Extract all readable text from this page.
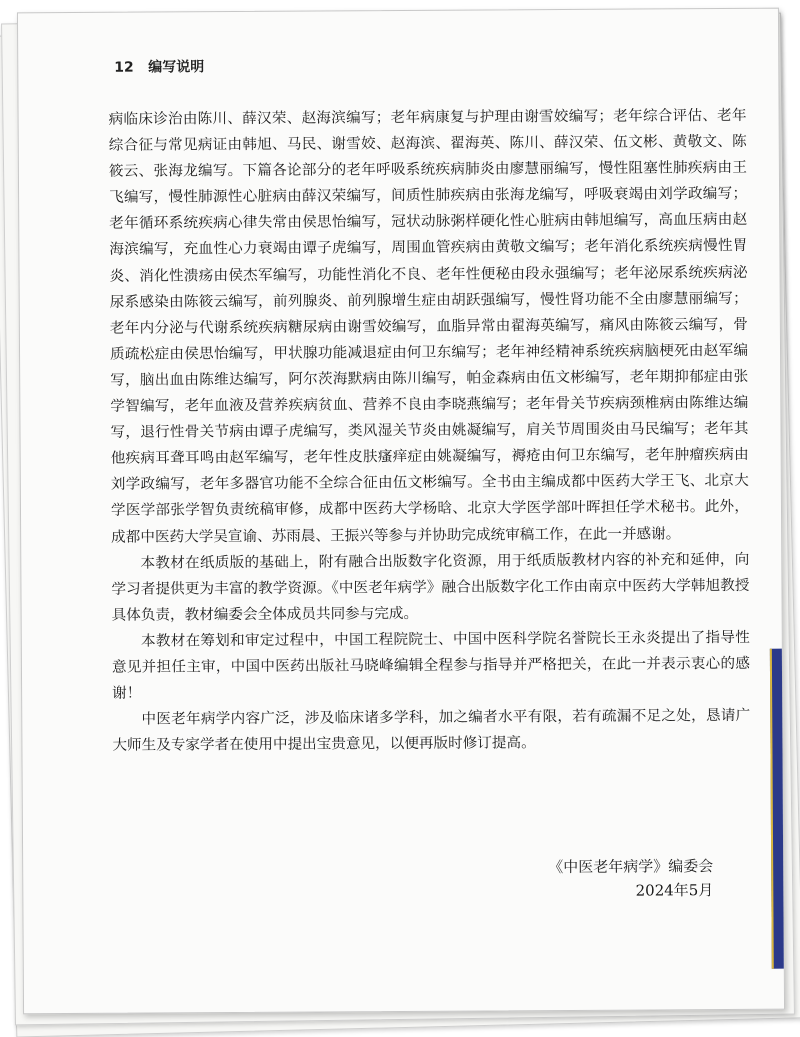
12 编写说明

病临床诊治由陈川、薛汉荣、赵海滨编写；老年病康复与护理由谢雪姣编写；老年综合评估、老年综合征与常见病证由韩旭、马民、谢雪姣、赵海滨、翟海英、陈川、薛汉荣、伍文彬、黄敬文、陈筱云、张海龙编写。下篇各论部分的老年呼吸系统疾病肺炎由廖慧丽编写，慢性阻塞性肺疾病由王飞编写，慢性肺源性心脏病由薛汉荣编写，间质性肺疾病由张海龙编写，呼吸衰竭由刘学政编写；老年循环系统疾病心律失常由侯思怡编写，冠状动脉粥样硬化性心脏病由韩旭编写，高血压病由赵海滨编写，充血性心力衰竭由谭子虎编写，周围血管疾病由黄敬文编写；老年消化系统疾病慢性胃炎、消化性溃疡由侯杰军编写，功能性消化不良、老年性便秘由段永强编写；老年泌尿系统疾病泌尿系感染由陈筱云编写，前列腺炎、前列腺增生症由胡跃强编写，慢性肾功能不全由廖慧丽编写；老年内分泌与代谢系统疾病糖尿病由谢雪姣编写，血脂异常由翟海英编写，痛风由陈筱云编写，骨质疏松症由侯思怡编写，甲状腺功能减退症由何卫东编写；老年神经精神系统疾病脑梗死由赵军编写，脑出血由陈维达编写，阿尔茨海默病由陈川编写，帕金森病由伍文彬编写，老年期抑郁症由张学智编写，老年血液及营养疾病贫血、营养不良由李晓燕编写；老年骨关节疾病颈椎病由陈维达编写，退行性骨关节病由谭子虎编写，类风湿关节炎由姚凝编写，肩关节周围炎由马民编写；老年其他疾病耳聋耳鸣由赵军编写，老年性皮肤瘙痒症由姚凝编写，褥疮由何卫东编写，老年肿瘤疾病由刘学政编写，老年多器官功能不全综合征由伍文彬编写。全书由主编成都中医药大学王飞、北京大学医学部张学智负责统稿审修，成都中医药大学杨晗、北京大学医学部叶晖担任学术秘书。此外，成都中医药大学吴宣谕、苏雨晨、王振兴等参与并协助完成统审稿工作，在此一并感谢。

本教材在纸质版的基础上，附有融合出版数字化资源，用于纸质版教材内容的补充和延伸，向学习者提供更为丰富的教学资源。《中医老年病学》融合出版数字化工作由南京中医药大学韩旭教授具体负责，教材编委会全体成员共同参与完成。

本教材在筹划和审定过程中，中国工程院院士、中国中医科学院名誉院长王永炎提出了指导性意见并担任主审，中国中医药出版社马晓峰编辑全程参与指导并严格把关，在此一并表示衷心的感谢！

中医老年病学内容广泛，涉及临床诸多学科，加之编者水平有限，若有疏漏不足之处，恳请广大师生及专家学者在使用中提出宝贵意见，以便再版时修订提高。

《中医老年病学》编委会
2024年5月
